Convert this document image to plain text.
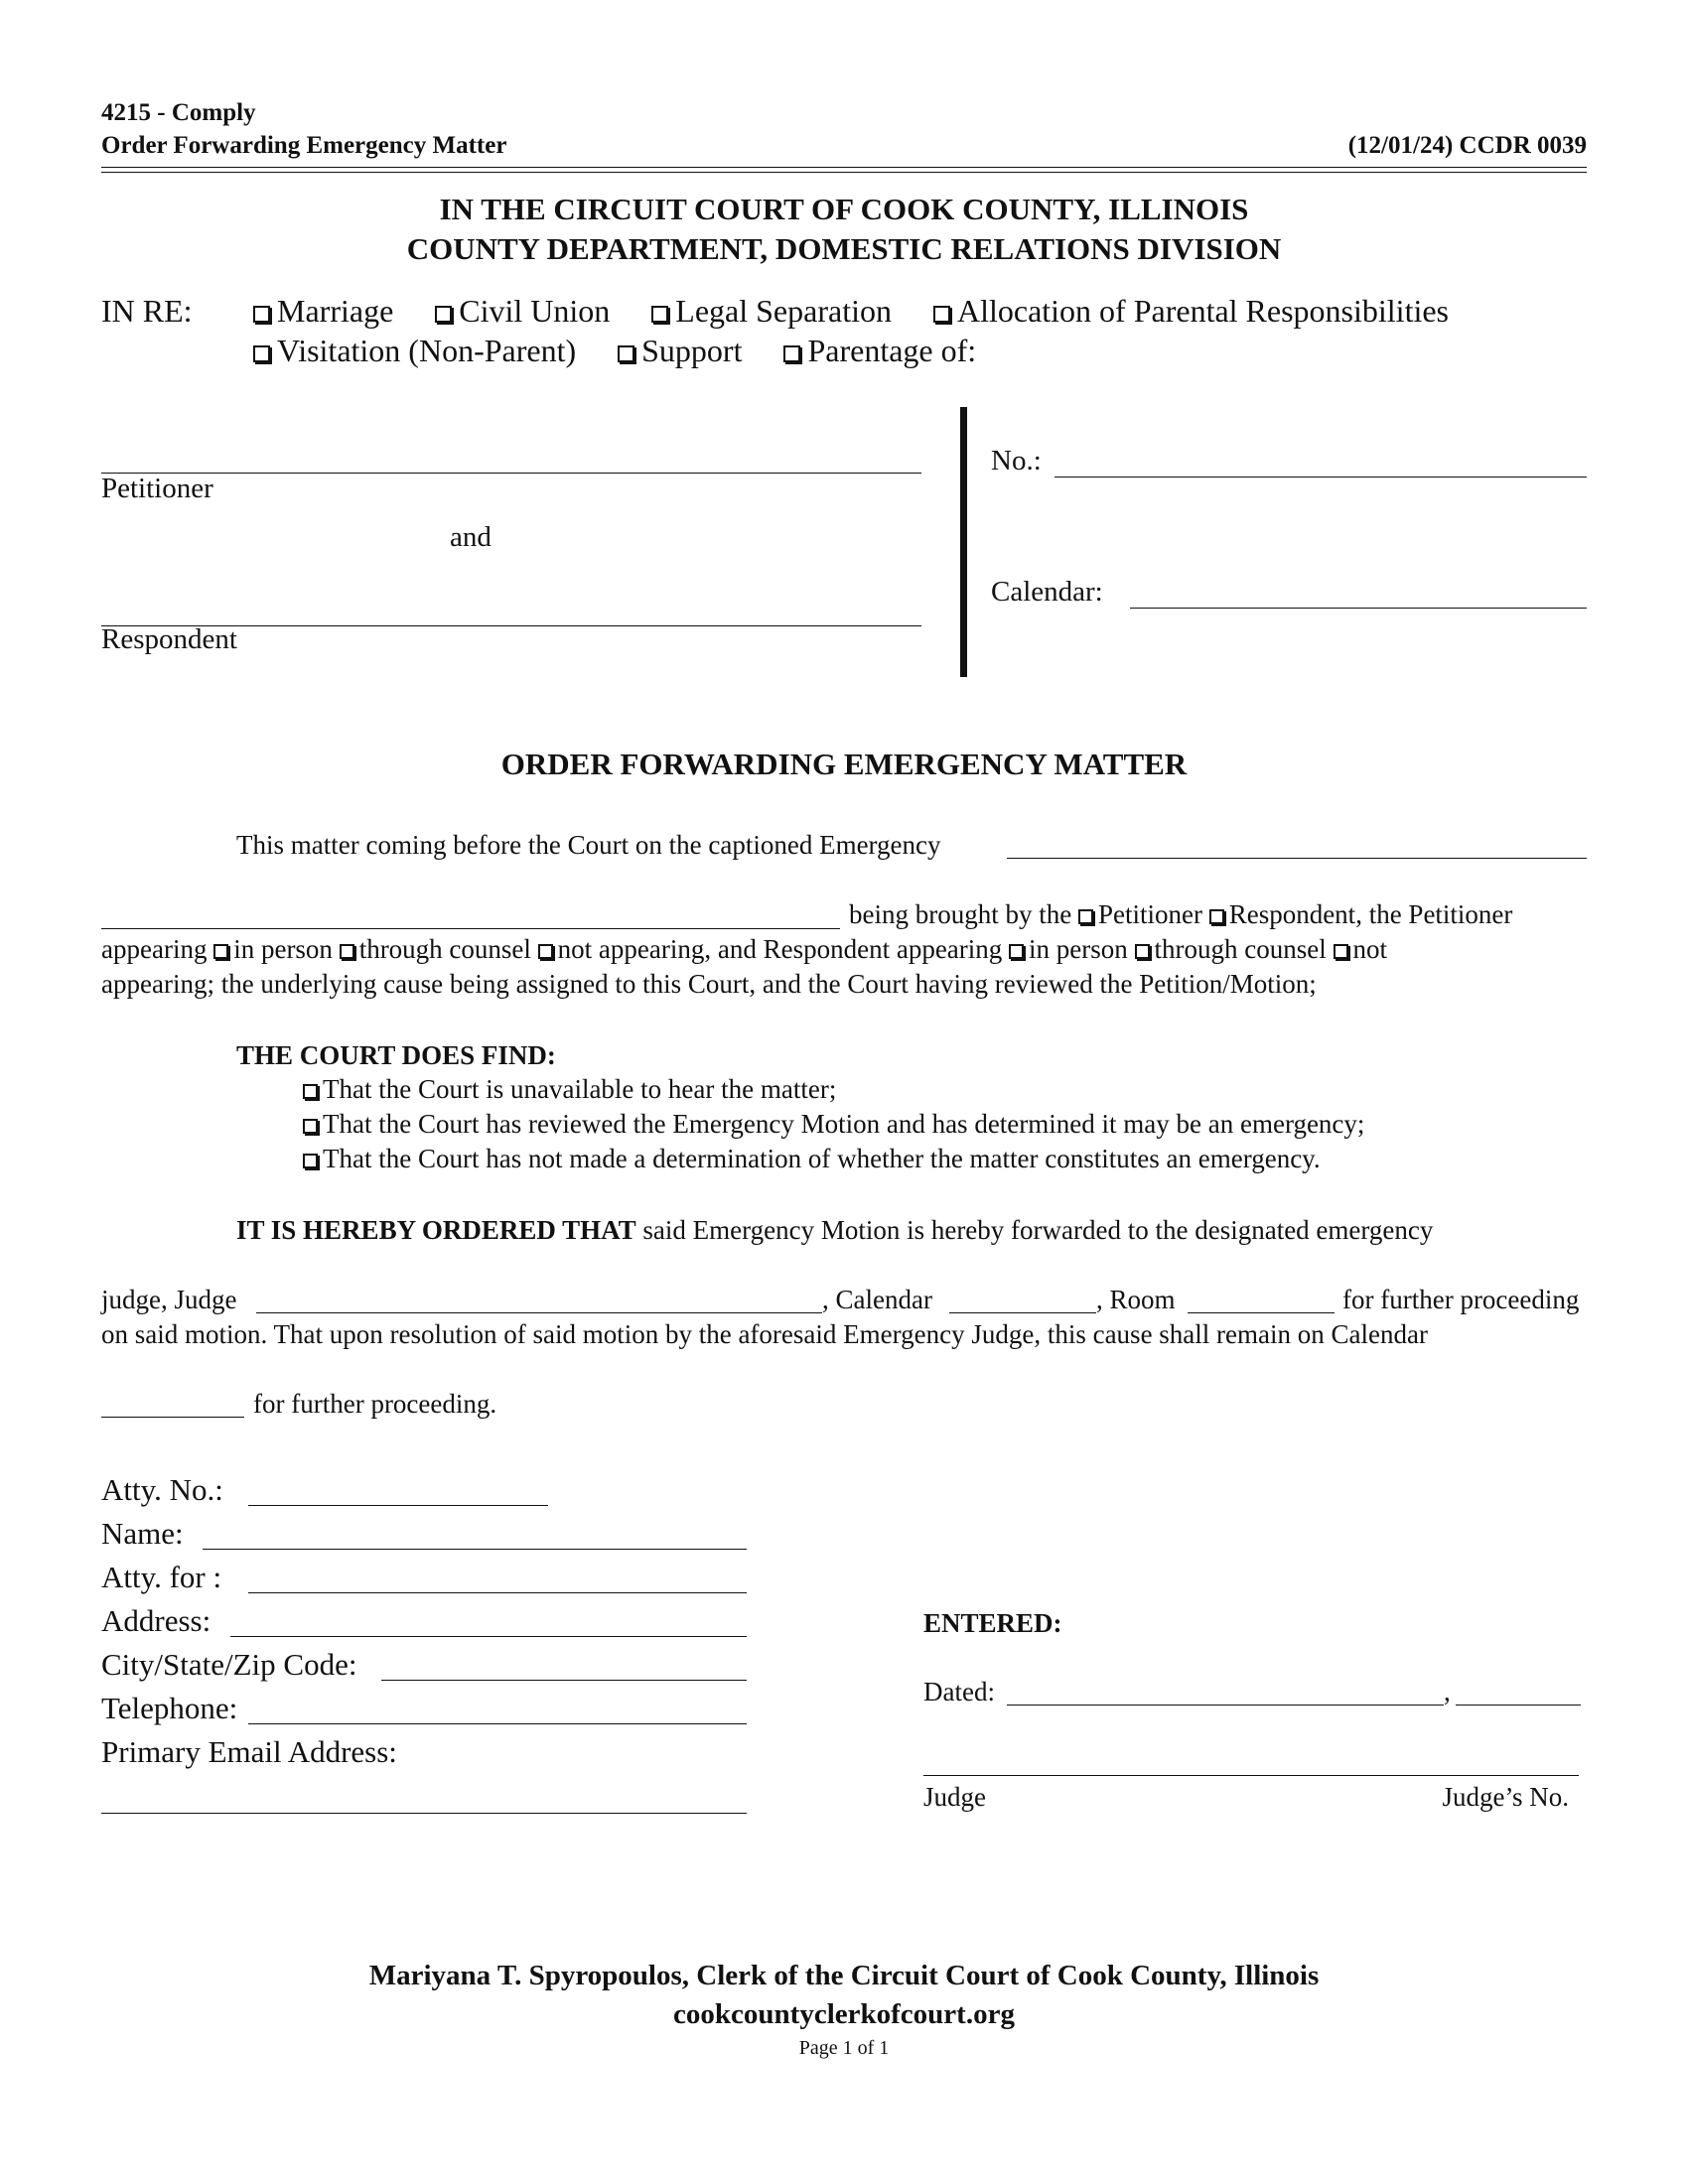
4215 - Comply
Order Forwarding Emergency Matter	(12/01/24) CCDR 0039
IN THE CIRCUIT COURT OF COOK COUNTY, ILLINOIS
COUNTY DEPARTMENT, DOMESTIC RELATIONS DIVISION
IN RE:	Marriage Civil Union Legal Separation Allocation of Parental Responsibilities
Visitation (Non-Parent) Support Parentage of:
Petitioner
and
Respondent
No.:
Calendar:
ORDER FORWARDING EMERGENCY MATTER
This matter coming before the Court on the captioned Emergency
being brought by the Petitioner Respondent, the Petitioner
appearing in person through counsel not appearing, and Respondent appearing in person through counsel not
appearing; the underlying cause being assigned to this Court, and the Court having reviewed the Petition/Motion;
THE COURT DOES FIND:
That the Court is unavailable to hear the matter;
That the Court has reviewed the Emergency Motion and has determined it may be an emergency;
That the Court has not made a determination of whether the matter constitutes an emergency.
IT IS HEREBY ORDERED THAT said Emergency Motion is hereby forwarded to the designated emergency
judge, Judge	, Calendar	, Room	for further proceeding
on said motion. That upon resolution of said motion by the aforesaid Emergency Judge, this cause shall remain on Calendar
for further proceeding.
Atty. No.:
Name:
Atty. for :
Address:
City/State/Zip Code:
Telephone:
Primary Email Address:
ENTERED:
Dated:	,
Judge	Judge’s No.
Mariyana T. Spyropoulos, Clerk of the Circuit Court of Cook County, Illinois
cookcountyclerkofcourt.org
Page 1 of 1
